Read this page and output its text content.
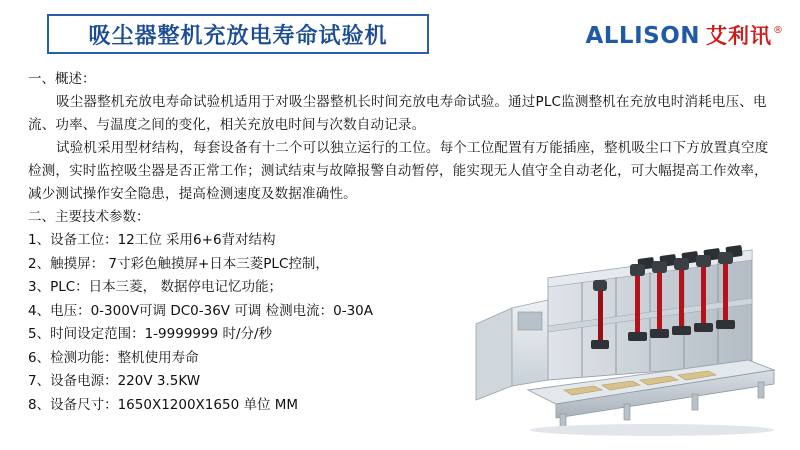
吸尘器整机充放电寿命试验机	ALLISON 艾利讯 ®
一、概述：
吸尘器整机充放电寿命试验机适用于对吸尘器整机长时间充放电寿命试验。通过PLC监测整机在充放电时消耗电压、电流、功率、与温度之间的变化，相关充放电时间与次数自动记录。
试验机采用型材结构，每套设备有十二个可以独立运行的工位。每个工位配置有万能插座，整机吸尘口下方放置真空度检测，实时监控吸尘器是否正常工作；测试结束与故障报警自动暂停，能实现无人值守全自动老化，可大幅提高工作效率，减少测试操作安全隐患，提高检测速度及数据准确性。
二、主要技术参数：
1、设备工位：12工位 采用6+6背对结构
2、触摸屏： 7寸彩色触摸屏+日本三菱PLC控制，
3、PLC：日本三菱， 数据停电记忆功能；
4、电压：0-300V可调 DC0-36V 可调 检测电流：0-30A
5、时间设定范围：1-9999999 时/分/秒
6、检测功能：整机使用寿命
7、设备电源：220V 3.5KW
8、设备尺寸：1650X1200X1650 单位 MM
